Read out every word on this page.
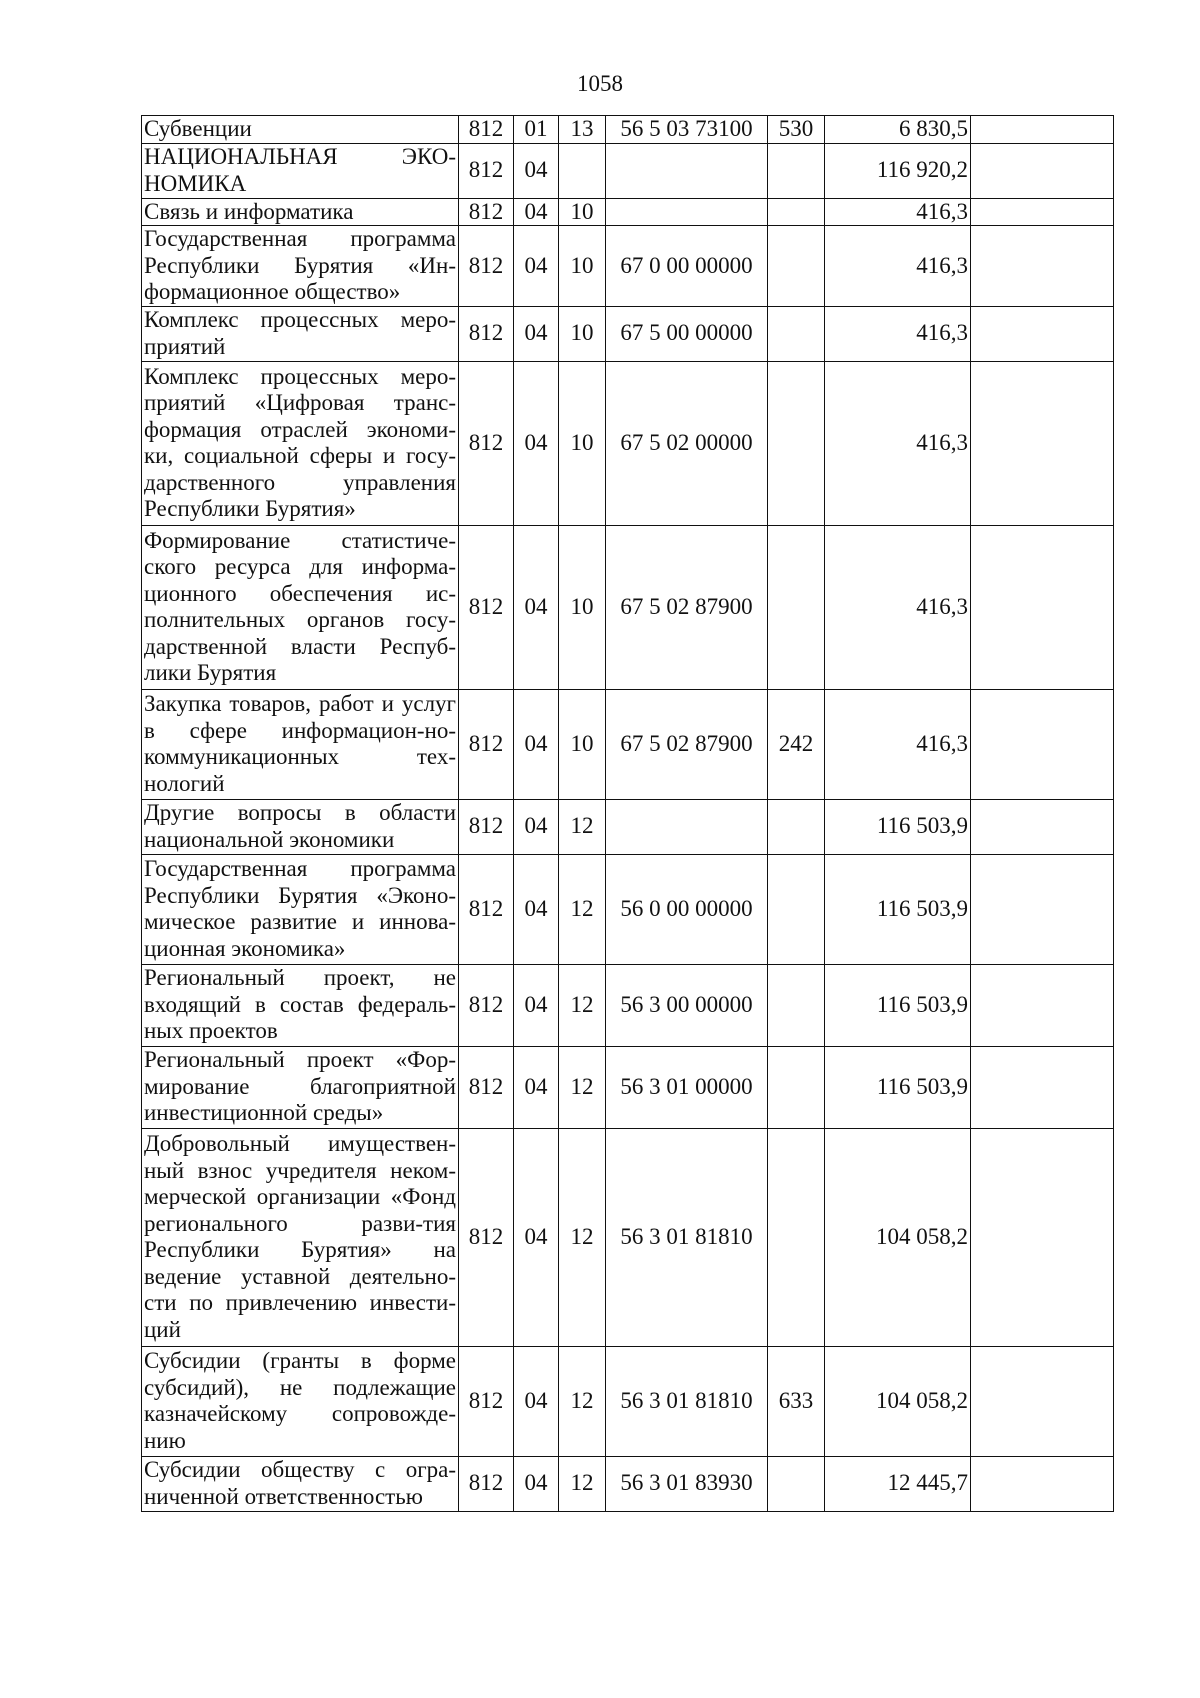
1058
Субвенции	812	01	13	56 5 03 73100	530	6 830,5	
НАЦИОНАЛЬНАЯ ЭКО-НОМИКА	812	04				116 920,2	
Связь и информатика	812	04	10			416,3	
Государственная программа Республики Бурятия «Ин-формационное общество»	812	04	10	67 0 00 00000		416,3	
Комплекс процессных меро-приятий	812	04	10	67 5 00 00000		416,3	
Комплекс процессных меро-приятий «Цифровая транс-формация отраслей экономи-ки, социальной сферы и госу-дарственного управления Республики Бурятия»	812	04	10	67 5 02 00000		416,3	
Формирование статистиче-ского ресурса для информа-ционного обеспечения ис-полнительных органов госу-дарственной власти Респуб-лики Бурятия	812	04	10	67 5 02 87900		416,3	
Закупка товаров, работ и услуг в сфере информацион-но-коммуникационных тех-нологий	812	04	10	67 5 02 87900	242	416,3	
Другие вопросы в области национальной экономики	812	04	12			116 503,9	
Государственная программа Республики Бурятия «Эконо-мическое развитие и иннова-ционная экономика»	812	04	12	56 0 00 00000		116 503,9	
Региональный проект, не входящий в состав федераль-ных проектов	812	04	12	56 3 00 00000		116 503,9	
Региональный проект «Фор-мирование благоприятной инвестиционной среды»	812	04	12	56 3 01 00000		116 503,9	
Добровольный имуществен-ный взнос учредителя неком-мерческой организации «Фонд регионального разви-тия Республики Бурятия» на ведение уставной деятельно-сти по привлечению инвести-ций	812	04	12	56 3 01 81810		104 058,2	
Субсидии (гранты в форме субсидий), не подлежащие казначейскому сопровожде-нию	812	04	12	56 3 01 81810	633	104 058,2	
Субсидии обществу с огра-ниченной ответственностью	812	04	12	56 3 01 83930		12 445,7	
